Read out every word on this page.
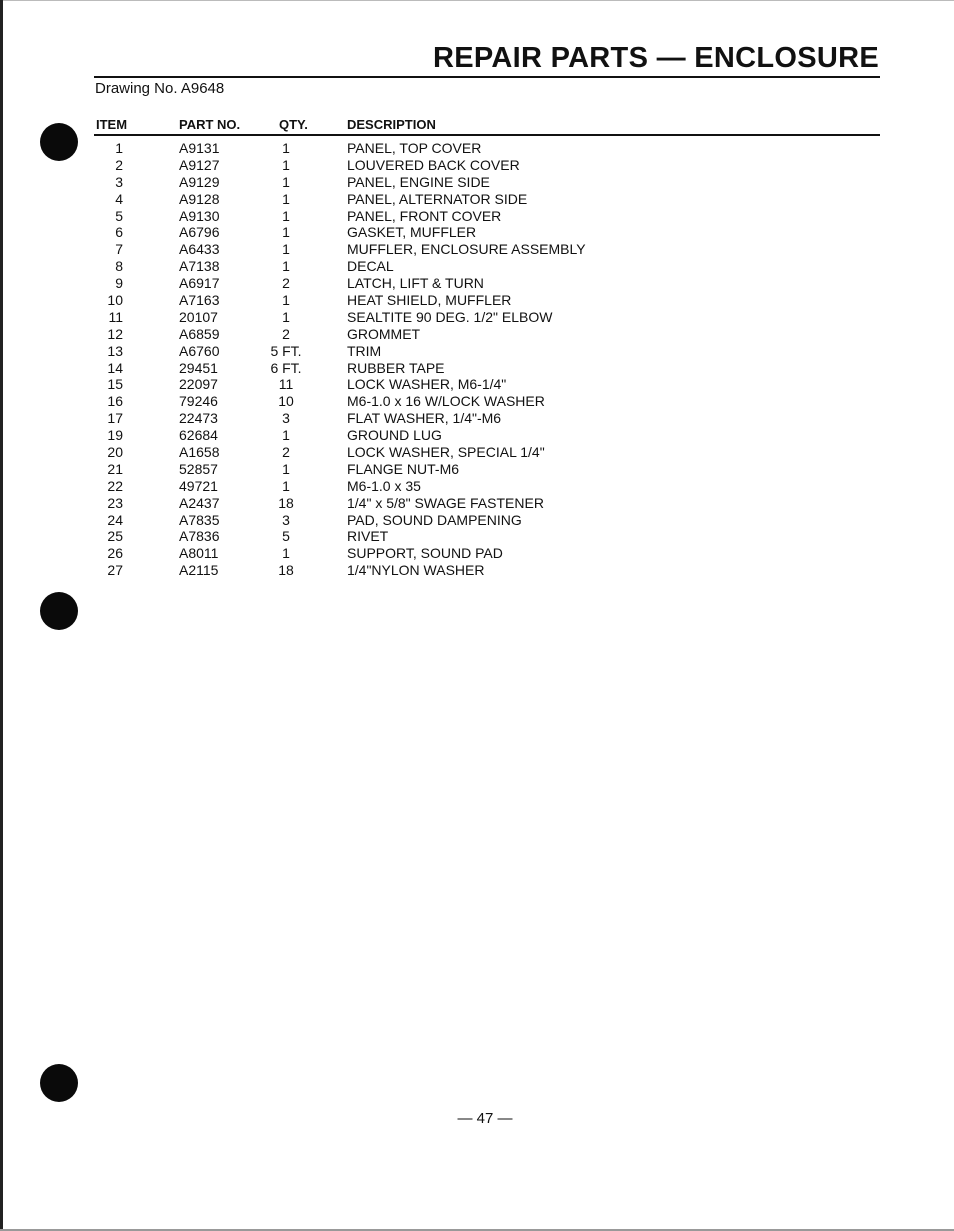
REPAIR PARTS — ENCLOSURE
Drawing No. A9648
ITEM	PART NO.	QTY.	DESCRIPTION
1	A9131	1	PANEL, TOP COVER
2	A9127	1	LOUVERED BACK COVER
3	A9129	1	PANEL, ENGINE SIDE
4	A9128	1	PANEL, ALTERNATOR SIDE
5	A9130	1	PANEL, FRONT COVER
6	A6796	1	GASKET, MUFFLER
7	A6433	1	MUFFLER, ENCLOSURE ASSEMBLY
8	A7138	1	DECAL
9	A6917	2	LATCH, LIFT & TURN
10	A7163	1	HEAT SHIELD, MUFFLER
11	20107	1	SEALTITE 90 DEG. 1/2" ELBOW
12	A6859	2	GROMMET
13	A6760	5 FT.	TRIM
14	29451	6 FT.	RUBBER TAPE
15	22097	11	LOCK WASHER, M6-1/4"
16	79246	10	M6-1.0 x 16 W/LOCK WASHER
17	22473	3	FLAT WASHER, 1/4"-M6
19	62684	1	GROUND LUG
20	A1658	2	LOCK WASHER, SPECIAL 1/4"
21	52857	1	FLANGE NUT-M6
22	49721	1	M6-1.0 x 35
23	A2437	18	1/4" x 5/8" SWAGE FASTENER
24	A7835	3	PAD, SOUND DAMPENING
25	A7836	5	RIVET
26	A8011	1	SUPPORT, SOUND PAD
27	A2115	18	1/4"NYLON WASHER
— 47 —
